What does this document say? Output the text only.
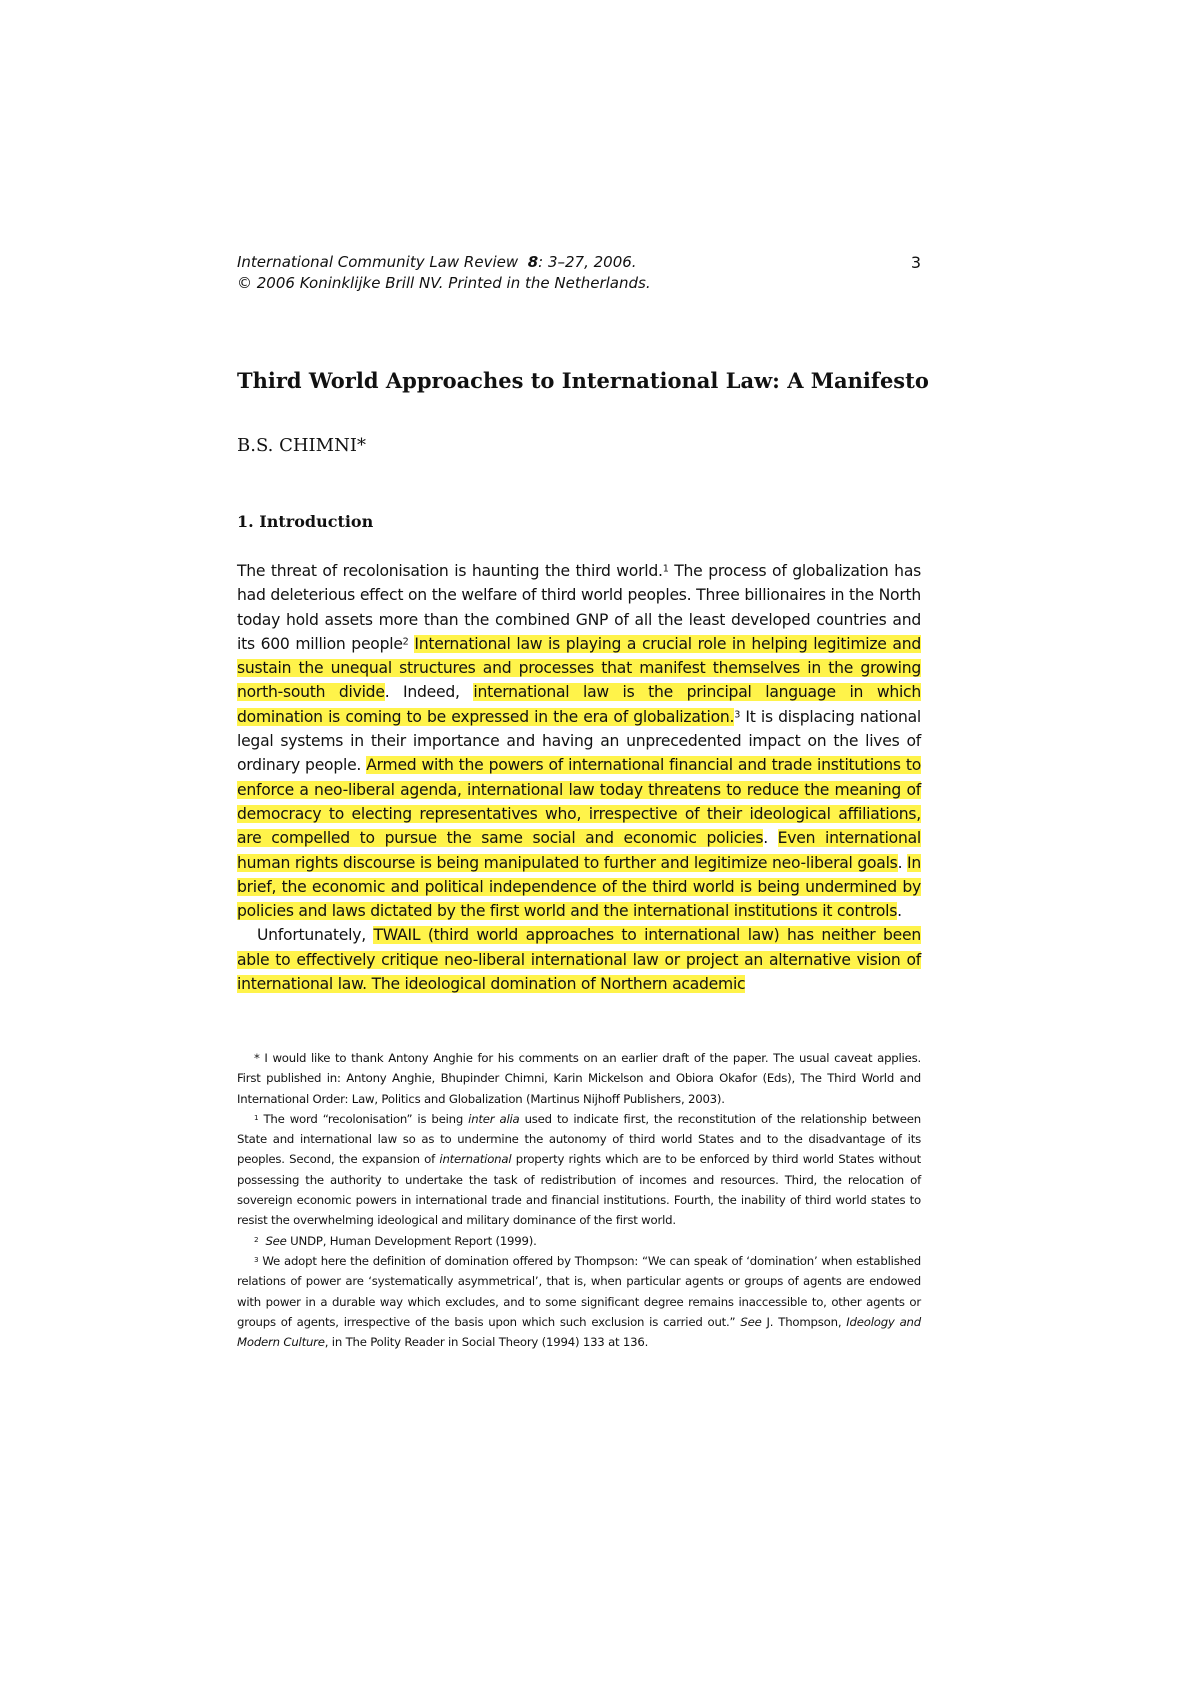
International Community Law Review 8: 3–27, 2006.
© 2006 Koninklijke Brill NV. Printed in the Netherlands.
3
Third World Approaches to International Law: A Manifesto
B.S. CHIMNI*
1. Introduction

The threat of recolonisation is haunting the third world.$^1$ The process of globalization has had deleterious effect on the welfare of third world peoples. Three billionaires in the North today hold assets more than the combined GNP of all the least developed countries and its 600 million people$^2$ International law is playing a crucial role in helping legitimize and sustain the unequal structures and processes that manifest themselves in the growing north-south divide. Indeed, international law is the principal language in which domination is coming to be expressed in the era of globalization.$^3$ It is displacing national legal systems in their importance and having an unprecedented impact on the lives of ordinary people. Armed with the powers of international financial and trade institutions to enforce a neo-liberal agenda, international law today threatens to reduce the meaning of democracy to electing representatives who, irrespective of their ideological affiliations, are compelled to pursue the same social and economic policies. Even international human rights discourse is being manipulated to further and legitimize neo-liberal goals. In brief, the economic and political independence of the third world is being undermined by policies and laws dictated by the first world and the international institutions it controls.

Unfortunately, TWAIL (third world approaches to international law) has neither been able to effectively critique neo-liberal international law or project an alternative vision of international law. The ideological domination of Northern academic

* I would like to thank Antony Anghie for his comments on an earlier draft of the paper. The usual caveat applies. First published in: Antony Anghie, Bhupinder Chimni, Karin Mickelson and Obiora Okafor (Eds), The Third World and International Order: Law, Politics and Globalization (Martinus Nijhoff Publishers, 2003).

$^1$ The word “recolonisation” is being inter alia used to indicate first, the reconstitution of the relationship between State and international law so as to undermine the autonomy of third world States and to the disadvantage of its peoples. Second, the expansion of international property rights which are to be enforced by third world States without possessing the authority to undertake the task of redistribution of incomes and resources. Third, the relocation of sovereign economic powers in international trade and financial institutions. Fourth, the inability of third world states to resist the overwhelming ideological and military dominance of the first world.

$^2$ See UNDP, Human Development Report (1999).

$^3$ We adopt here the definition of domination offered by Thompson: “We can speak of ‘domination’ when established relations of power are ‘systematically asymmetrical’, that is, when particular agents or groups of agents are endowed with power in a durable way which excludes, and to some significant degree remains inaccessible to, other agents or groups of agents, irrespective of the basis upon which such exclusion is carried out.” See J. Thompson, Ideology and Modern Culture, in The Polity Reader in Social Theory (1994) 133 at 136.
